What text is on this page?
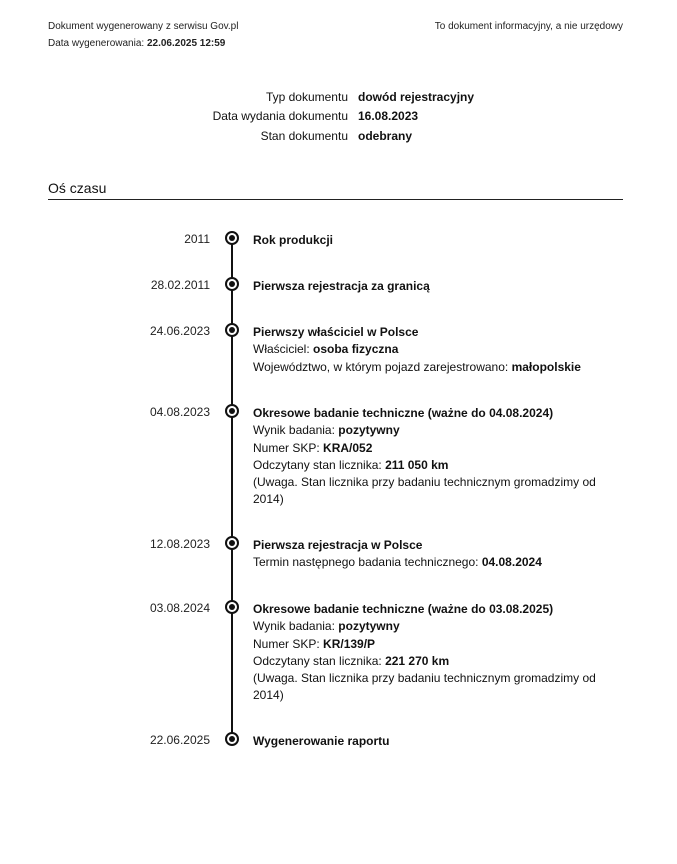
Dokument wygenerowany z serwisu Gov.pl
Data wygenerowania: 22.06.2025 12:59
To dokument informacyjny, a nie urzędowy
Typ dokumentu dowód rejestracyjny
Data wydania dokumentu 16.08.2023
Stan dokumentu odebrany
Oś czasu
2011	Rok produkcji
28.02.2011	Pierwsza rejestracja za granicą
24.06.2023	Pierwszy właściciel w Polsce
Właściciel: osoba fizyczna
Województwo, w którym pojazd zarejestrowano: małopolskie
04.08.2023	Okresowe badanie techniczne (ważne do 04.08.2024)
Wynik badania: pozytywny
Numer SKP: KRA/052
Odczytany stan licznika: 211 050 km
(Uwaga. Stan licznika przy badaniu technicznym gromadzimy od 2014)
12.08.2023	Pierwsza rejestracja w Polsce
Termin następnego badania technicznego: 04.08.2024
03.08.2024	Okresowe badanie techniczne (ważne do 03.08.2025)
Wynik badania: pozytywny
Numer SKP: KR/139/P
Odczytany stan licznika: 221 270 km
(Uwaga. Stan licznika przy badaniu technicznym gromadzimy od 2014)
22.06.2025	Wygenerowanie raportu
